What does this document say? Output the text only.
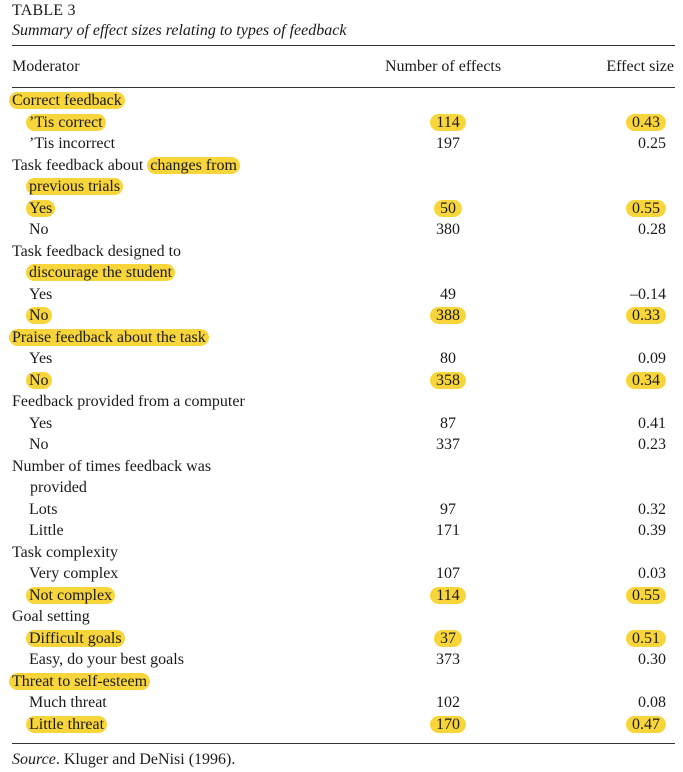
TABLE 3
Summary of effect sizes relating to types of feedback
Moderator	Number of effects	Effect size
Correct feedback
’Tis correct	114	0.43
’Tis incorrect	197	0.25
Task feedback about changes from
previous trials
Yes	50	0.55
No	380	0.28
Task feedback designed to
discourage the student
Yes	49	–0.14
No	388	0.33
Praise feedback about the task
Yes	80	0.09
No	358	0.34
Feedback provided from a computer
Yes	87	0.41
No	337	0.23
Number of times feedback was
provided
Lots	97	0.32
Little	171	0.39
Task complexity
Very complex	107	0.03
Not complex	114	0.55
Goal setting
Difficult goals	37	0.51
Easy, do your best goals	373	0.30
Threat to self-esteem
Much threat	102	0.08
Little threat	170	0.47
Source. Kluger and DeNisi (1996).
